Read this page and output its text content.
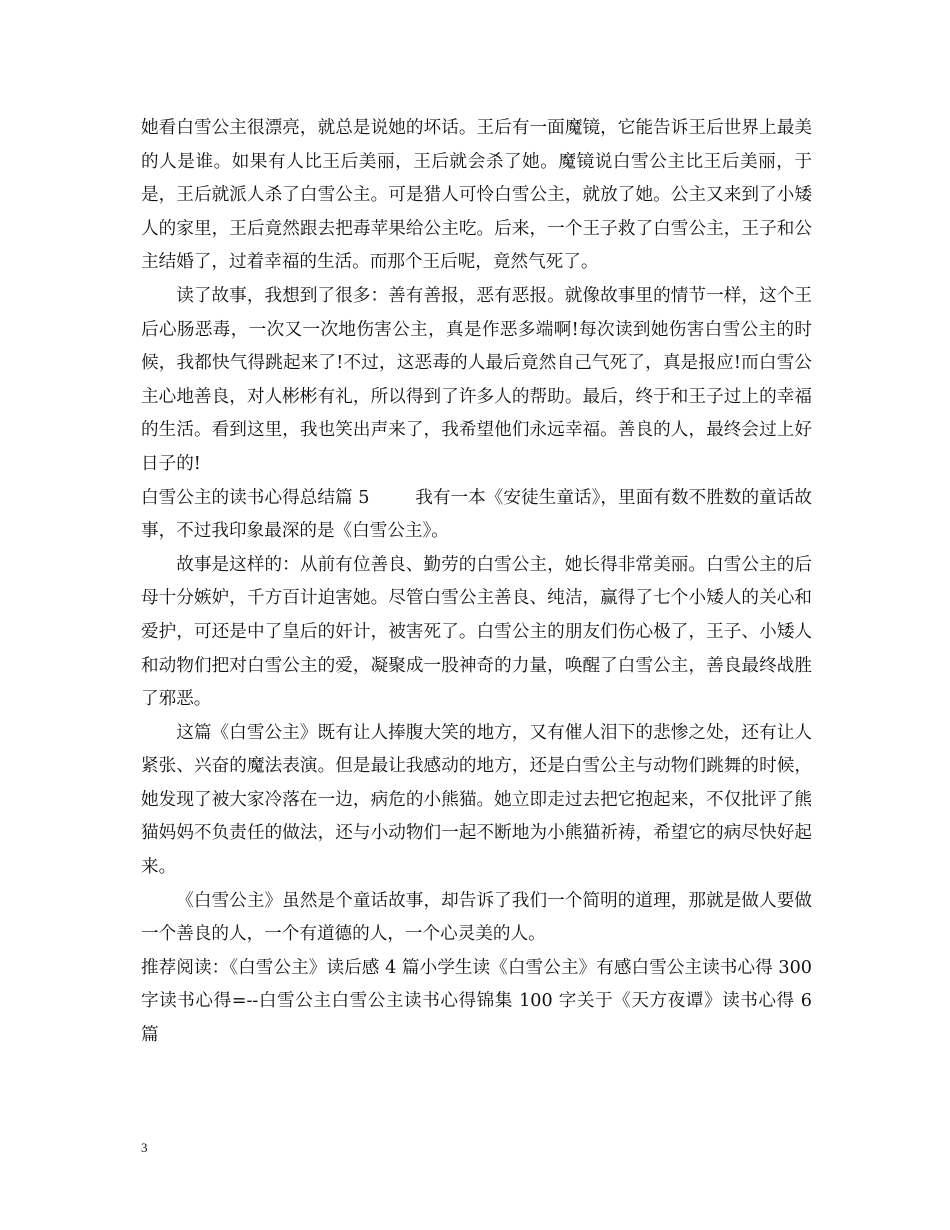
她看白雪公主很漂亮，就总是说她的坏话。王后有一面魔镜，它能告诉王后世界上最美的人是谁。如果有人比王后美丽，王后就会杀了她。魔镜说白雪公主比王后美丽，于是，王后就派人杀了白雪公主。可是猎人可怜白雪公主，就放了她。公主又来到了小矮人的家里，王后竟然跟去把毒苹果给公主吃。后来，一个王子救了白雪公主，王子和公主结婚了，过着幸福的生活。而那个王后呢，竟然气死了。

读了故事，我想到了很多：善有善报，恶有恶报。就像故事里的情节一样，这个王后心肠恶毒，一次又一次地伤害公主，真是作恶多端啊!每次读到她伤害白雪公主的时候，我都快气得跳起来了!不过，这恶毒的人最后竟然自己气死了，真是报应!而白雪公主心地善良，对人彬彬有礼，所以得到了许多人的帮助。最后，终于和王子过上的幸福的生活。看到这里，我也笑出声来了，我希望他们永远幸福。善良的人，最终会过上好日子的!

白雪公主的读书心得总结篇 5	我有一本《安徒生童话》，里面有数不胜数的童话故事，不过我印象最深的是《白雪公主》。

故事是这样的：从前有位善良、勤劳的白雪公主，她长得非常美丽。白雪公主的后母十分嫉妒，千方百计迫害她。尽管白雪公主善良、纯洁，赢得了七个小矮人的关心和爱护，可还是中了皇后的奸计，被害死了。白雪公主的朋友们伤心极了，王子、小矮人和动物们把对白雪公主的爱，凝聚成一股神奇的力量，唤醒了白雪公主，善良最终战胜了邪恶。

这篇《白雪公主》既有让人捧腹大笑的地方，又有催人泪下的悲惨之处，还有让人紧张、兴奋的魔法表演。但是最让我感动的地方，还是白雪公主与动物们跳舞的时候，她发现了被大家冷落在一边，病危的小熊猫。她立即走过去把它抱起来，不仅批评了熊猫妈妈不负责任的做法，还与小动物们一起不断地为小熊猫祈祷，希望它的病尽快好起来。

《白雪公主》虽然是个童话故事，却告诉了我们一个简明的道理，那就是做人要做一个善良的人，一个有道德的人，一个心灵美的人。

推荐阅读：《白雪公主》读后感 4 篇小学生读《白雪公主》有感白雪公主读书心得 300 字读书心得=--白雪公主白雪公主读书心得锦集 100 字关于《天方夜谭》读书心得 6 篇

3
